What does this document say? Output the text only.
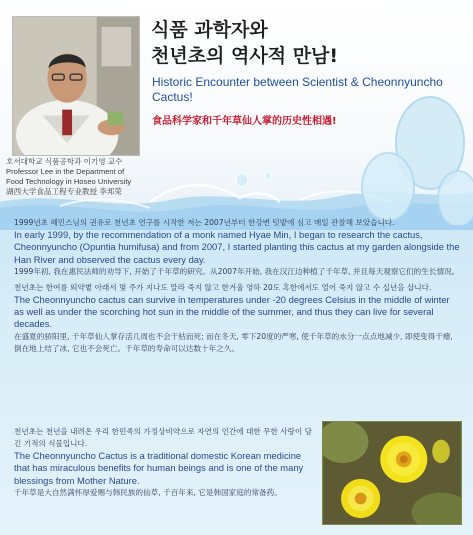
호서대학교 식품공학과 이기영 교수
Professor Lee in the Department of
Food Technology in Hoseo University
湖西大学食品工程专业教授 李邦荣
식품 과학자와
천년초의 역사적 만남!
Historic Encounter between Scientist & Cheonnyuncho Cactus!
食品科学家和千年草仙人掌的历史性相遇!
1999년초 혜민스님의 권유로 천년초 연구를 시작한 저는 2007년부터 한강변 텃밭에 심고 매일 관찰해 보았습니다.
In early 1999, by the recommendation of a monk named Hyae Min, I began to research the cactus, Cheonnyuncho (Opuntia humifusa) and from 2007, I started planting this cactus at my garden alongside the Han River and observed the cactus every day.
1999年初, 我在惠民法师的劝导下, 开始了千年草的研究。从2007年开始, 我在汉江边种植了千年草, 并且每天观察它们的生长情况。
천년초는 한여름 뙤약볕 아래서 몇 주가 지나도 말라 죽지 않고 한겨울 영하 20도 혹한에서도 얼어 죽지 않고 수 십년을 삽니다.
The Cheonnyuncho cactus can survive in temperatures under -20 degrees Celsius in the middle of winter as well as under the scorching hot sun in the middle of the summer, and thus they can live for several decades.
在盛夏的骄阳里, 千年草仙人掌存活几周也不会干枯而死; 而在冬天, 零下20度的严寒, 使千年草的水分一点点地减少, 即使变得干瘪, 倒在地上结了冰, 它也不会死亡。千年草的寿命可以达数十年之久。
천년초는 천년을 내려온 우리 한민족의 가정상비약으로 자연의 인간에 대한 무한 사랑이 담긴 기적의 식물입니다.
The Cheonnyuncho Cactus is a traditional domestic Korean medicine that has miraculous benefits for human beings and is one of the many blessings from Mother Nature.
千年草是大自然满怀厚爱赐与韩民族的仙草, 千百年来, 它是韩国家庭的常备药。
